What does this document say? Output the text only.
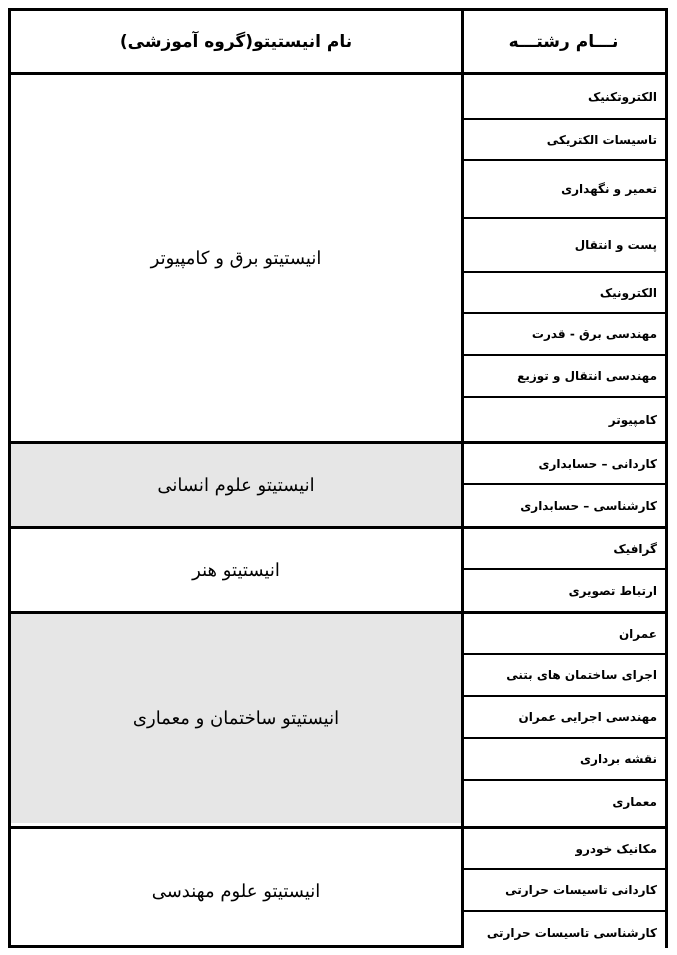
نام انیستیتو(گروه آموزشی)	نـــام رشتـــه
انیستیتو برق و کامپیوتر
الکتروتکنیک
تاسیسات الکتریکی
تعمیر و نگهداری
پست و انتقال
الکترونیک
مهندسی برق - قدرت
مهندسی انتقال و توزیع
کامپیوتر
انیستیتو علوم انسانی
کاردانی – حسابداری
کارشناسی – حسابداری
انیستیتو هنر
گرافیک
ارتباط تصویری
انیستیتو ساختمان و معماری
عمران
اجرای ساختمان های بتنی
مهندسی اجرایی عمران
نقشه برداری
معماری
انیستیتو علوم مهندسی
مکانیک خودرو
کاردانی تاسیسات حرارتی
کارشناسی تاسیسات حرارتی
